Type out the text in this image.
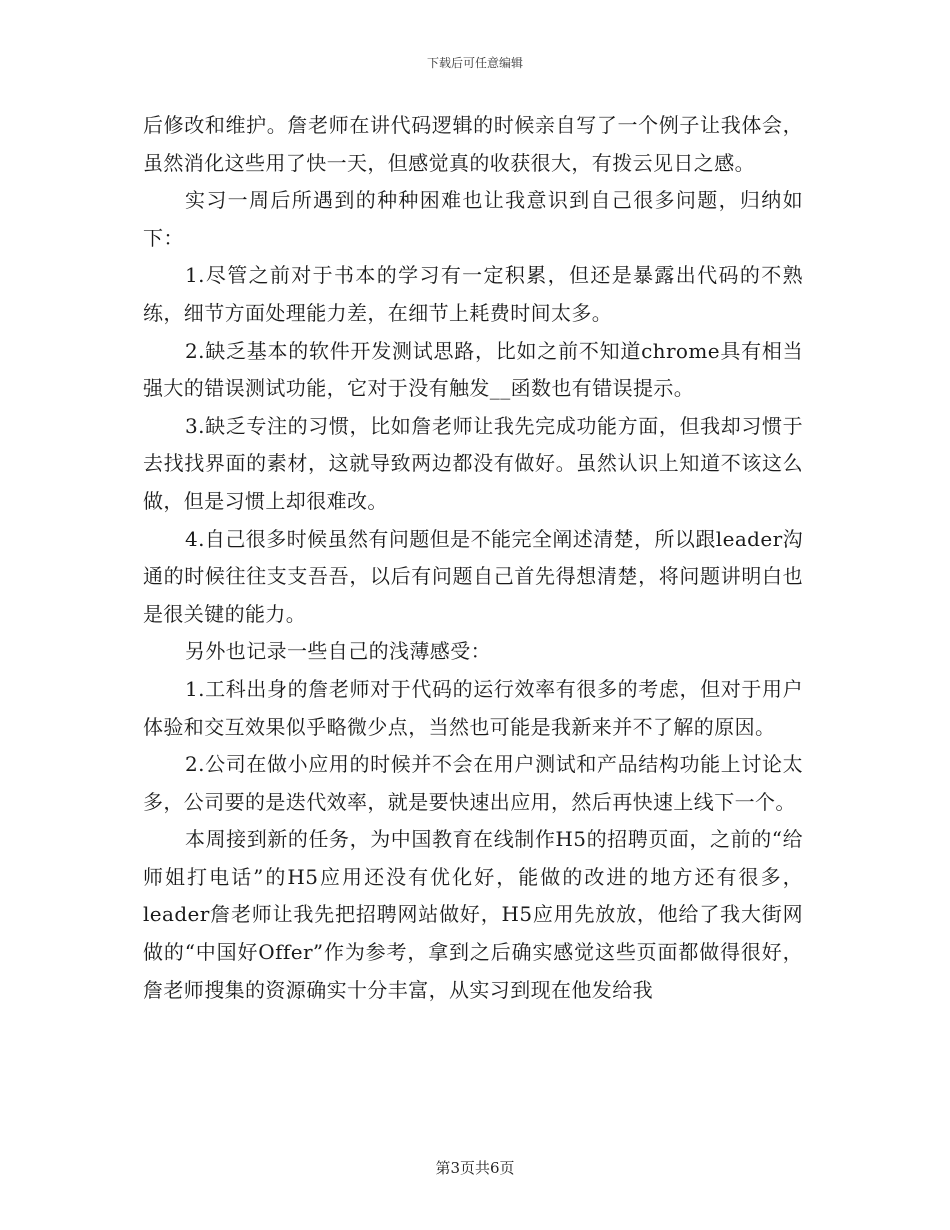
下载后可任意编辑

后修改和维护。詹老师在讲代码逻辑的时候亲自写了一个例子让我体会，虽然消化这些用了快一天，但感觉真的收获很大，有拨云见日之感。

实习一周后所遇到的种种困难也让我意识到自己很多问题，归纳如下：

1.尽管之前对于书本的学习有一定积累，但还是暴露出代码的不熟练，细节方面处理能力差，在细节上耗费时间太多。

2.缺乏基本的软件开发测试思路，比如之前不知道chrome具有相当强大的错误测试功能，它对于没有触发__函数也有错误提示。

3.缺乏专注的习惯，比如詹老师让我先完成功能方面，但我却习惯于去找找界面的素材，这就导致两边都没有做好。虽然认识上知道不该这么做，但是习惯上却很难改。

4.自己很多时候虽然有问题但是不能完全阐述清楚，所以跟leader沟通的时候往往支支吾吾，以后有问题自己首先得想清楚，将问题讲明白也是很关键的能力。

另外也记录一些自己的浅薄感受：

1.工科出身的詹老师对于代码的运行效率有很多的考虑，但对于用户体验和交互效果似乎略微少点，当然也可能是我新来并不了解的原因。

2.公司在做小应用的时候并不会在用户测试和产品结构功能上讨论太多，公司要的是迭代效率，就是要快速出应用，然后再快速上线下一个。

本周接到新的任务，为中国教育在线制作H5的招聘页面，之前的“给师姐打电话”的H5应用还没有优化好，能做的改进的地方还有很多，leader詹老师让我先把招聘网站做好，H5应用先放放，他给了我大街网做的“中国好Offer”作为参考，拿到之后确实感觉这些页面都做得很好，詹老师搜集的资源确实十分丰富，从实习到现在他发给我

第3页共6页
